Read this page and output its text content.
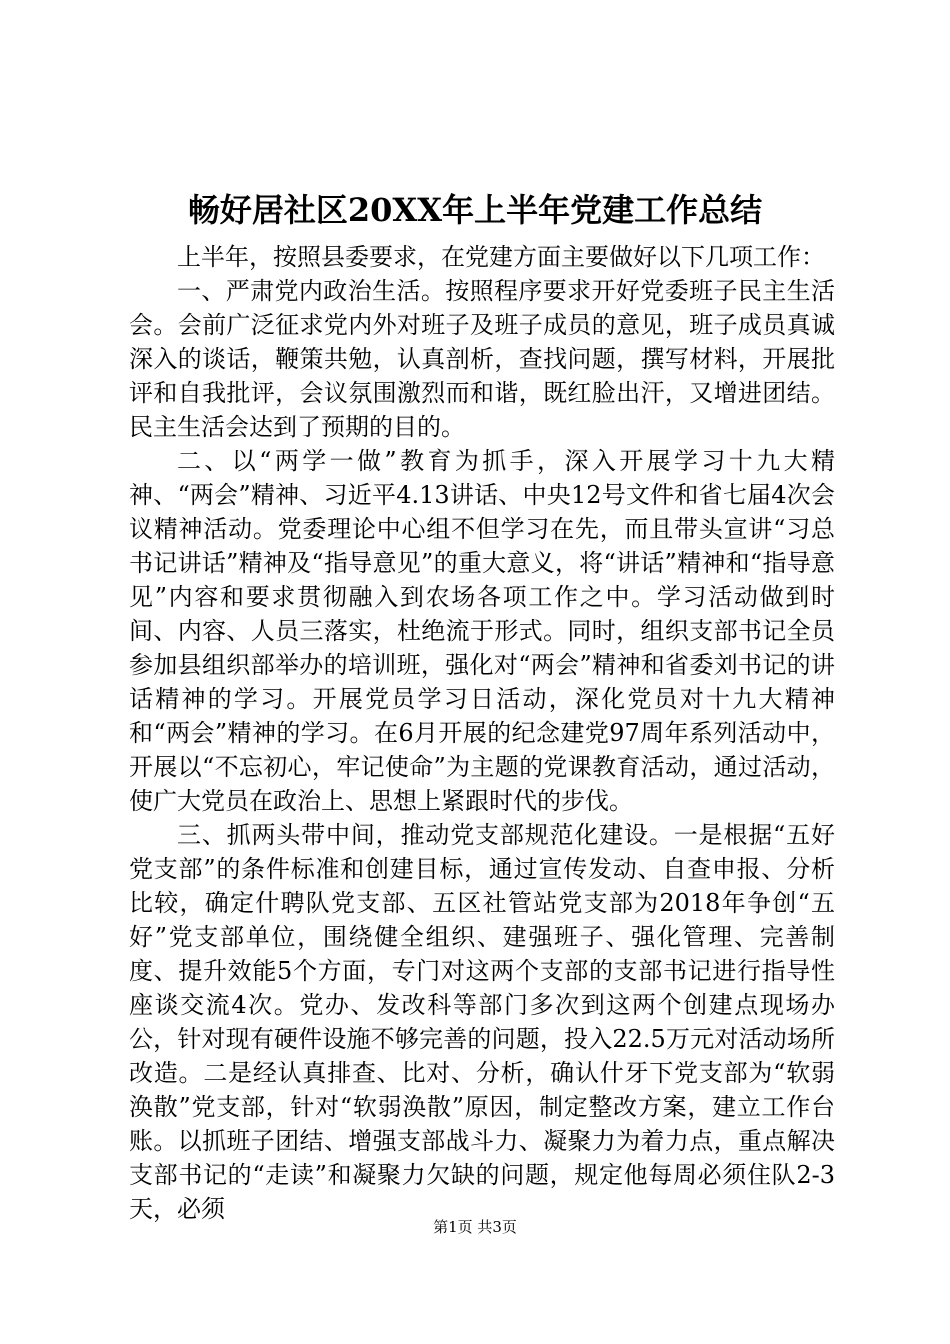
畅好居社区20XX年上半年党建工作总结

上半年，按照县委要求，在党建方面主要做好以下几项工作：

一、严肃党内政治生活。按照程序要求开好党委班子民主生活会。会前广泛征求党内外对班子及班子成员的意见，班子成员真诚深入的谈话，鞭策共勉，认真剖析，查找问题，撰写材料，开展批评和自我批评，会议氛围激烈而和谐，既红脸出汗，又增进团结。民主生活会达到了预期的目的。

二、以“两学一做”教育为抓手，深入开展学习十九大精神、“两会”精神、习近平4.13讲话、中央12号文件和省七届4次会议精神活动。党委理论中心组不但学习在先，而且带头宣讲“习总书记讲话”精神及“指导意见”的重大意义，将“讲话”精神和“指导意见”内容和要求贯彻融入到农场各项工作之中。学习活动做到时间、内容、人员三落实，杜绝流于形式。同时，组织支部书记全员参加县组织部举办的培训班，强化对“两会”精神和省委刘书记的讲话精神的学习。开展党员学习日活动，深化党员对十九大精神和“两会”精神的学习。在6月开展的纪念建党97周年系列活动中，开展以“不忘初心，牢记使命”为主题的党课教育活动，通过活动，使广大党员在政治上、思想上紧跟时代的步伐。

三、抓两头带中间，推动党支部规范化建设。一是根据“五好党支部”的条件标准和创建目标，通过宣传发动、自查申报、分析比较，确定什聘队党支部、五区社管站党支部为2018年争创“五好”党支部单位，围绕健全组织、建强班子、强化管理、完善制度、提升效能5个方面，专门对这两个支部的支部书记进行指导性座谈交流4次。党办、发改科等部门多次到这两个创建点现场办公，针对现有硬件设施不够完善的问题，投入22.5万元对活动场所改造。二是经认真排查、比对、分析，确认什牙下党支部为“软弱涣散”党支部，针对“软弱涣散”原因，制定整改方案，建立工作台账。以抓班子团结、增强支部战斗力、凝聚力为着力点，重点解决支部书记的“走读”和凝聚力欠缺的问题，规定他每周必须住队2-3天，必须

第1页 共3页
